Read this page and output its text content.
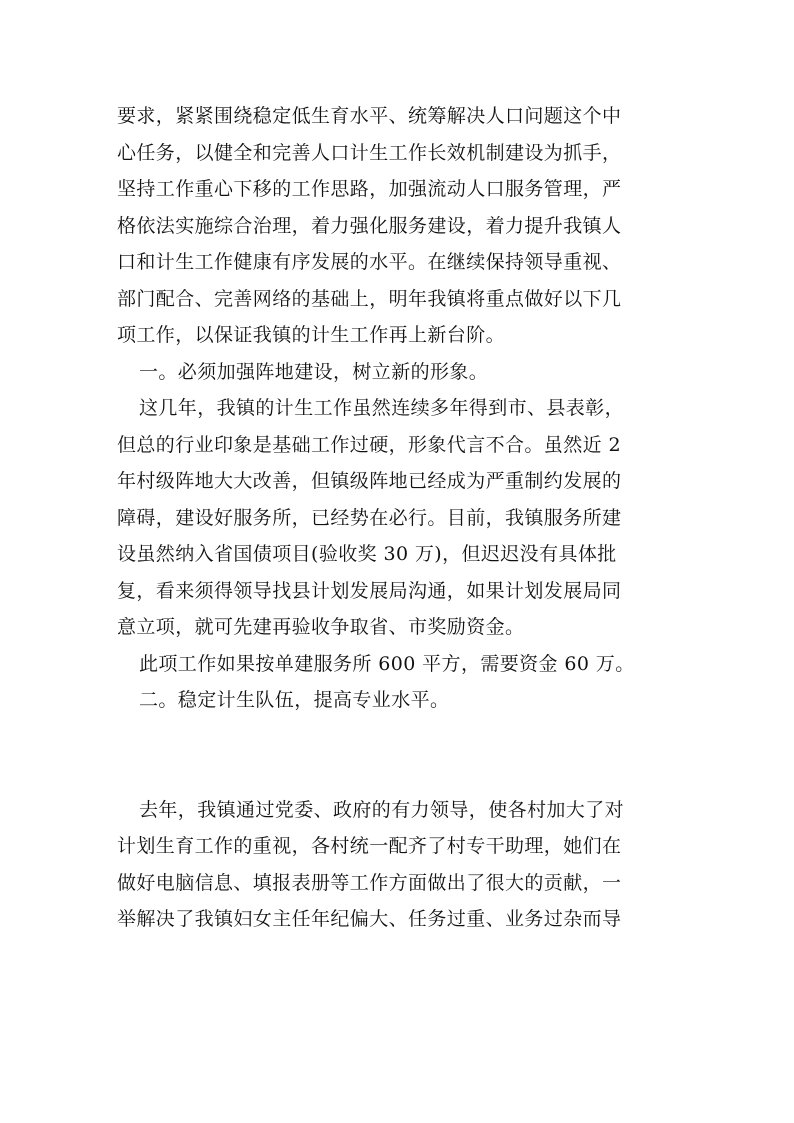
要求，紧紧围绕稳定低生育水平、统筹解决人口问题这个中
心任务，以健全和完善人口计生工作长效机制建设为抓手，
坚持工作重心下移的工作思路，加强流动人口服务管理，严
格依法实施综合治理，着力强化服务建设，着力提升我镇人
口和计生工作健康有序发展的水平。在继续保持领导重视、
部门配合、完善网络的基础上，明年我镇将重点做好以下几
项工作，以保证我镇的计生工作再上新台阶。
一。必须加强阵地建设，树立新的形象。
这几年，我镇的计生工作虽然连续多年得到市、县表彰，
但总的行业印象是基础工作过硬，形象代言不合。虽然近 2
年村级阵地大大改善，但镇级阵地已经成为严重制约发展的
障碍，建设好服务所，已经势在必行。目前，我镇服务所建
设虽然纳入省国债项目(验收奖 30 万)，但迟迟没有具体批
复，看来须得领导找县计划发展局沟通，如果计划发展局同
意立项，就可先建再验收争取省、市奖励资金。
此项工作如果按单建服务所 600 平方，需要资金 60 万。
二。稳定计生队伍，提高专业水平。
去年，我镇通过党委、政府的有力领导，使各村加大了对
计划生育工作的重视，各村统一配齐了村专干助理，她们在
做好电脑信息、填报表册等工作方面做出了很大的贡献，一
举解决了我镇妇女主任年纪偏大、任务过重、业务过杂而导
